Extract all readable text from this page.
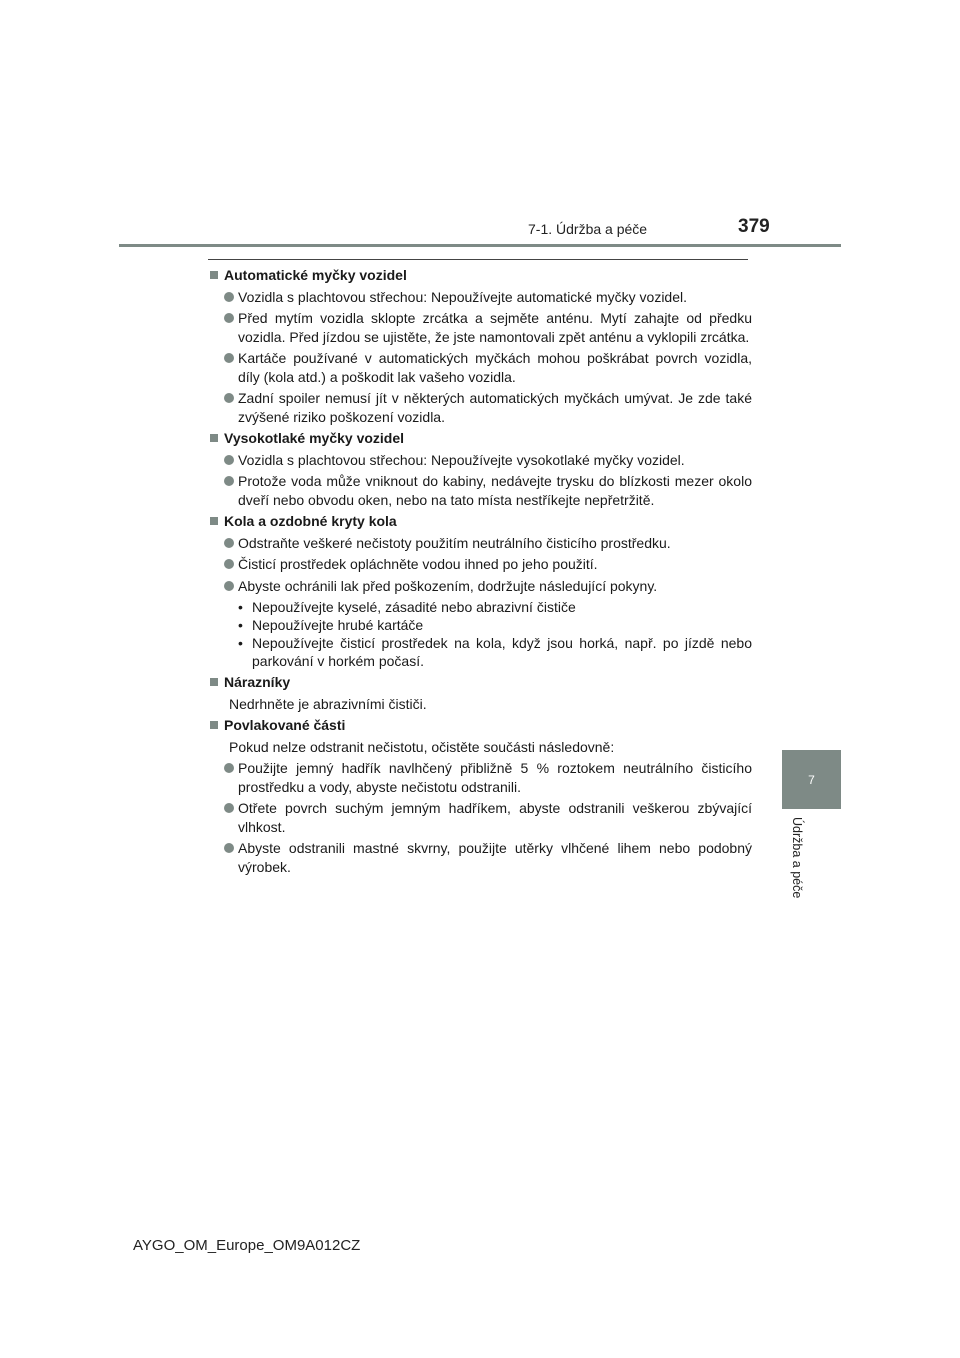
7-1. Údržba a péče	379
7
Údržba a péče
Automatické myčky vozidel
Vozidla s plachtovou střechou: Nepoužívejte automatické myčky vozidel.
Před mytím vozidla sklopte zrcátka a sejměte anténu. Mytí zahajte od předku vozidla. Před jízdou se ujistěte, že jste namontovali zpět anténu a vyklopili zrcátka.
Kartáče používané v automatických myčkách mohou poškrábat povrch vozidla, díly (kola atd.) a poškodit lak vašeho vozidla.
Zadní spoiler nemusí jít v některých automatických myčkách umývat. Je zde také zvýšené riziko poškození vozidla.
Vysokotlaké myčky vozidel
Vozidla s plachtovou střechou: Nepoužívejte vysokotlaké myčky vozidel.
Protože voda může vniknout do kabiny, nedávejte trysku do blízkosti mezer okolo dveří nebo obvodu oken, nebo na tato místa nestříkejte nepřetržitě.
Kola a ozdobné kryty kola
Odstraňte veškeré nečistoty použitím neutrálního čisticího prostředku.
Čisticí prostředek opláchněte vodou ihned po jeho použití.
Abyste ochránili lak před poškozením, dodržujte následující pokyny.
• Nepoužívejte kyselé, zásadité nebo abrazivní čističe
• Nepoužívejte hrubé kartáče
• Nepoužívejte čisticí prostředek na kola, když jsou horká, např. po jízdě nebo parkování v horkém počasí.
Nárazníky
Nedrhněte je abrazivními čističi.
Povlakované části
Pokud nelze odstranit nečistotu, očistěte součásti následovně:
Použijte jemný hadřík navlhčený přibližně 5 % roztokem neutrálního čisticího prostředku a vody, abyste nečistotu odstranili.
Otřete povrch suchým jemným hadříkem, abyste odstranili veškerou zbývající vlhkost.
Abyste odstranili mastné skvrny, použijte utěrky vlhčené lihem nebo podobný výrobek.
AYGO_OM_Europe_OM9A012CZ
